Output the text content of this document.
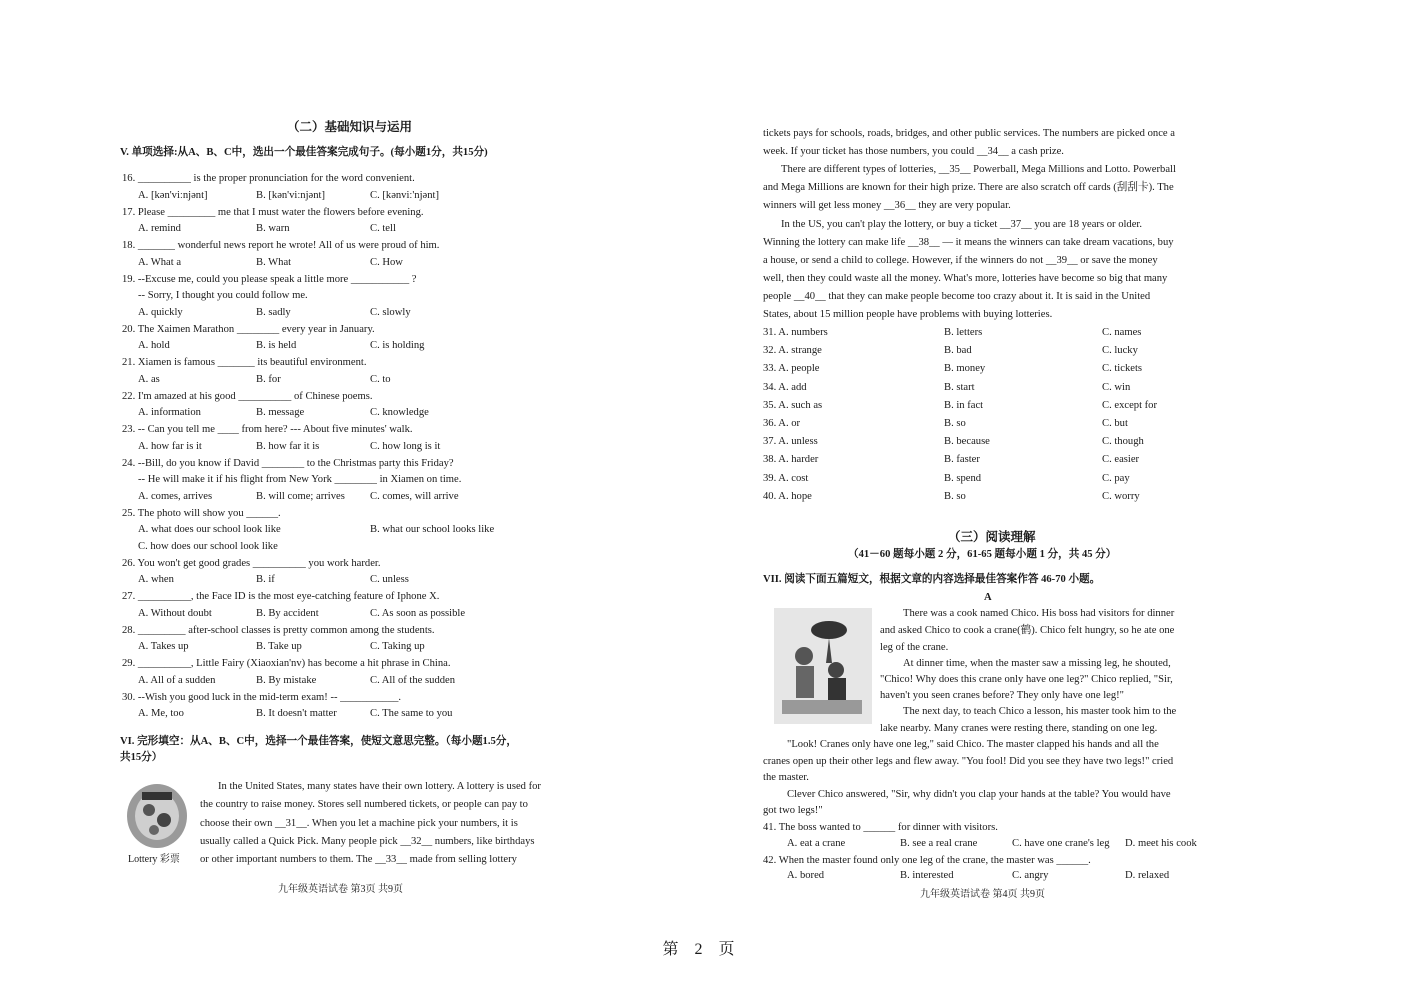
（二）基础知识与运用
V. 单项选择:从A、B、C中，选出一个最佳答案完成句子。(每小题1分，共15分)
16. __________ is the proper pronunciation for the word convenient.
A. [kən'viːnjənt]	B. [kən'viːnjənt]	C. [kənviː'njənt]
17. Please _________ me that I must water the flowers before evening.
A. remind	B. warn	C. tell
18. _______ wonderful news report he wrote! All of us were proud of him.
A. What a	B. What	C. How
19. --Excuse me, could you please speak a little more ___________ ?
-- Sorry, I thought you could follow me.
A. quickly	B. sadly	C. slowly
20. The Xaimen Marathon ________ every year in January.
A. hold	B. is held	C. is holding
21. Xiamen is famous _______ its beautiful environment.
A. as	B. for	C. to
22. I'm amazed at his good __________ of Chinese poems.
A. information	B. message	C. knowledge
23. -- Can you tell me ____ from here? --- About five minutes' walk.
A. how far is it	B. how far it is	C. how long is it
24. --Bill, do you know if David ________ to the Christmas party this Friday?
-- He will make it if his flight from New York ________ in Xiamen on time.
A. comes, arrives	B. will come; arrives C. comes, will arrive
25. The photo will show you ______.
A. what does our school look like	B. what our school looks like
C. how does our school look like
26. You won't get good grades __________ you work harder.
A. when	B. if	C. unless
27. __________, the Face ID is the most eye-catching feature of Iphone X.
A. Without doubt	B. By accident	C. As soon as possible
28. _________ after-school classes is pretty common among the students.
A. Takes up	B. Take up	C. Taking up
29. __________, Little Fairy (Xiaoxian'nv) has become a hit phrase in China.
A. All of a sudden	B. By mistake	C. All of the sudden
30. --Wish you good luck in the mid-term exam! -- ___________.
A. Me, too	B. It doesn't matter	C. The same to you
VI. 完形填空：从A、B、C中，选择一个最佳答案，使短文意思完整。（每小题1.5分，
共15分）
Lottery 彩票
In the United States, many states have their own lottery. A lottery is used for
the country to raise money. Stores sell numbered tickets, or people can pay to
choose their own __31__. When you let a machine pick your numbers, it is
usually called a Quick Pick. Many people pick __32__ numbers, like birthdays
or other important numbers to them. The __33__ made from selling lottery
九年级英语试卷 第3页 共9页
tickets pays for schools, roads, bridges, and other public services. The numbers are picked once a
week. If your ticket has those numbers, you could __34__ a cash prize.
There are different types of lotteries, __35__ Powerball, Mega Millions and Lotto. Powerball
and Mega Millions are known for their high prize. There are also scratch off cards (刮刮卡). The
winners will get less money __36__ they are very popular.
In the US, you can't play the lottery, or buy a ticket __37__ you are 18 years or older.
Winning the lottery can make life __38__ — it means the winners can take dream vacations, buy
a house, or send a child to college. However, if the winners do not __39__ or save the money
well, then they could waste all the money. What's more, lotteries have become so big that many
people __40__ that they can make people become too crazy about it. It is said in the United
States, about 15 million people have problems with buying lotteries.
31. A. numbers	B. letters	C. names
32. A. strange	B. bad	C. lucky
33. A. people	B. money	C. tickets
34. A. add	B. start	C. win
35. A. such as	B. in fact	C. except for
36. A. or	B. so	C. but
37. A. unless	B. because	C. though
38. A. harder	B. faster	C. easier
39. A. cost	B. spend	C. pay
40. A. hope	B. so	C. worry
（三）阅读理解
（41－60 题每小题 2 分，61-65 题每小题 1 分，共 45 分）
VII. 阅读下面五篇短文，根据文章的内容选择最佳答案作答 46-70 小题。
A
There was a cook named Chico. His boss had visitors for dinner
and asked Chico to cook a crane(鹤). Chico felt hungry, so he ate one
leg of the crane.
At dinner time, when the master saw a missing leg, he shouted,
"Chico! Why does this crane only have one leg?" Chico replied, "Sir,
haven't you seen cranes before? They only have one leg!"
The next day, to teach Chico a lesson, his master took him to the
lake nearby. Many cranes were resting there, standing on one leg.
"Look! Cranes only have one leg," said Chico. The master clapped his hands and all the
cranes open up their other legs and flew away. "You fool! Did you see they have two legs!" cried
the master.
Clever Chico answered, "Sir, why didn't you clap your hands at the table? You would have
got two legs!"
41. The boss wanted to ______ for dinner with visitors.
A. eat a crane	B. see a real crane	C. have one crane's leg D. meet his cook
42. When the master found only one leg of the crane, the master was ______.
A. bored	B. interested	C. angry	D. relaxed
九年级英语试卷 第4页 共9页
第 2 页
